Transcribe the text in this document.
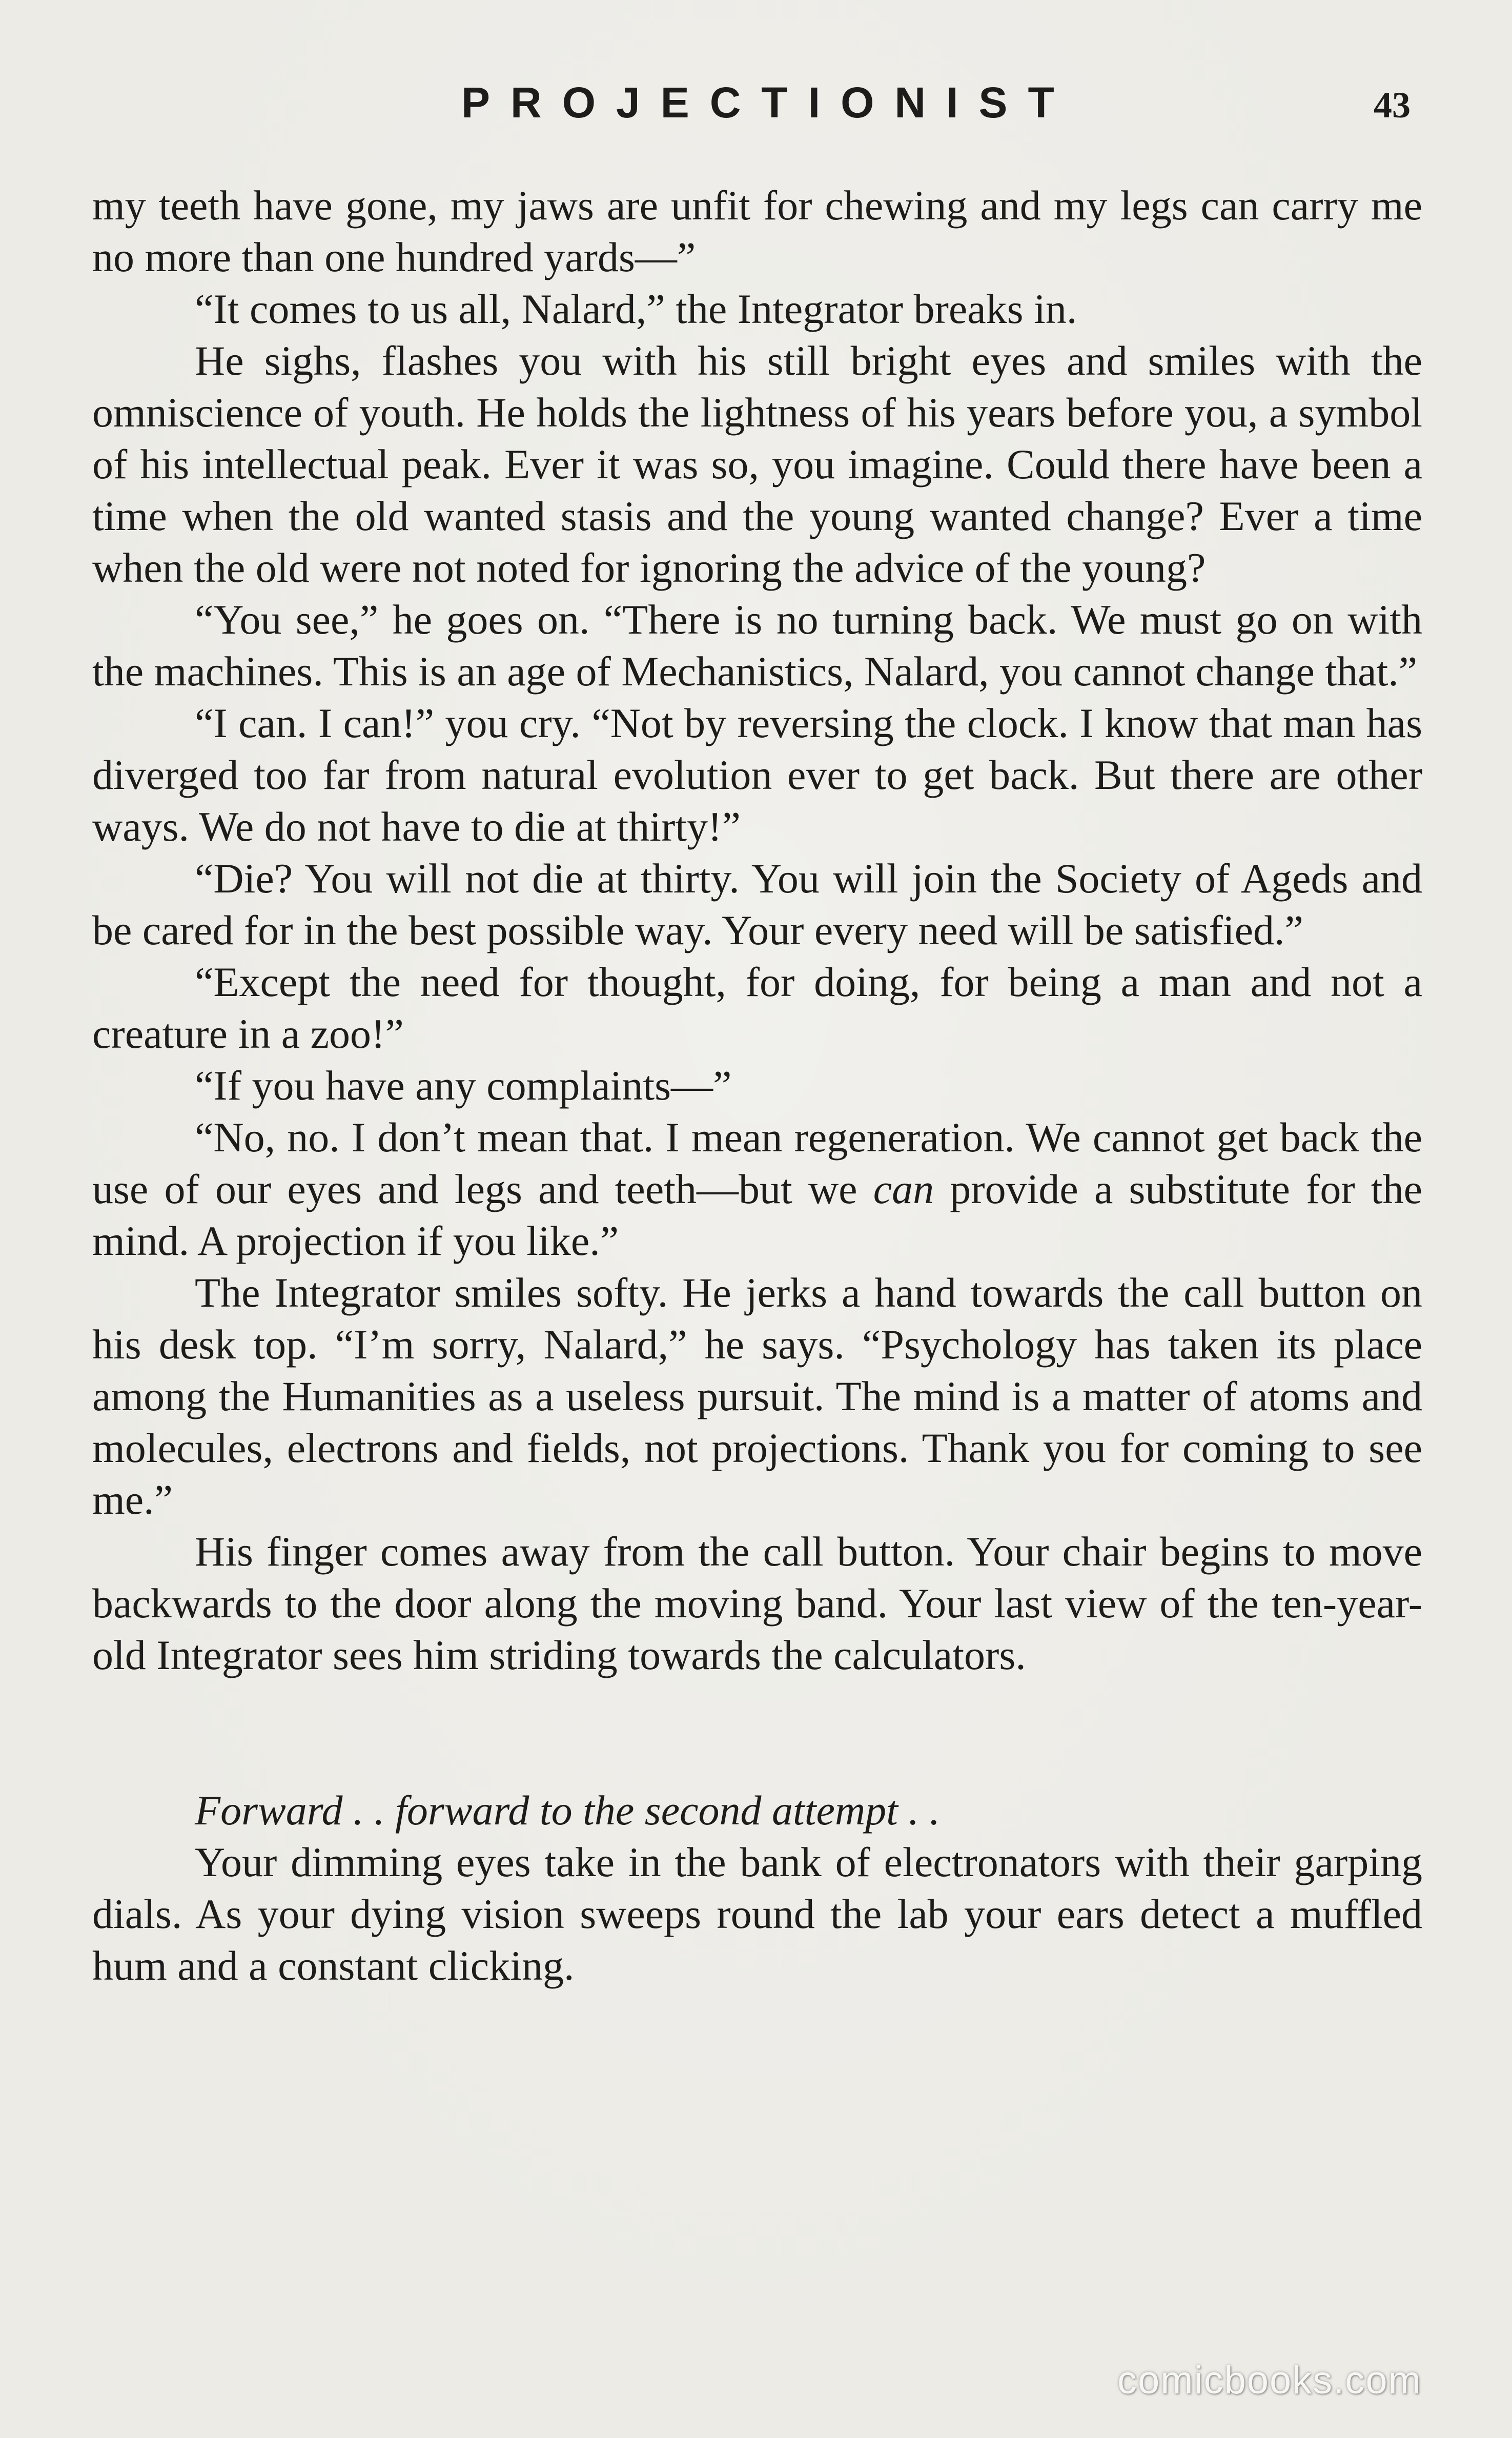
PROJECTIONIST	43

my teeth have gone, my jaws are unfit for chewing and my legs can carry me no more than one hundred yards—”

“It comes to us all, Nalard,” the Integrator breaks in.

He sighs, flashes you with his still bright eyes and smiles with the omniscience of youth. He holds the lightness of his years before you, a symbol of his intellectual peak. Ever it was so, you imagine. Could there have been a time when the old wanted stasis and the young wanted change? Ever a time when the old were not noted for ignoring the advice of the young?

“You see,” he goes on. “There is no turning back. We must go on with the machines. This is an age of Mechanistics, Nalard, you cannot change that.”

“I can. I can!” you cry. “Not by reversing the clock. I know that man has diverged too far from natural evolution ever to get back. But there are other ways. We do not have to die at thirty!”

“Die? You will not die at thirty. You will join the Society of Ageds and be cared for in the best possible way. Your every need will be satisfied.”

“Except the need for thought, for doing, for being a man and not a creature in a zoo!”

“If you have any complaints—”

“No, no. I don’t mean that. I mean regeneration. We cannot get back the use of our eyes and legs and teeth—but we can provide a substitute for the mind. A projection if you like.”

The Integrator smiles softy. He jerks a hand towards the call button on his desk top. “I’m sorry, Nalard,” he says. “Psychology has taken its place among the Humanities as a useless pursuit. The mind is a matter of atoms and molecules, electrons and fields, not projections. Thank you for coming to see me.”

His finger comes away from the call button. Your chair begins to move backwards to the door along the moving band. Your last view of the ten-year-old Integrator sees him striding towards the calculators.

Forward . . forward to the second attempt . .

Your dimming eyes take in the bank of electronators with their garping dials. As your dying vision sweeps round the lab your ears detect a muffled hum and a constant clicking.

comicbooks.com
